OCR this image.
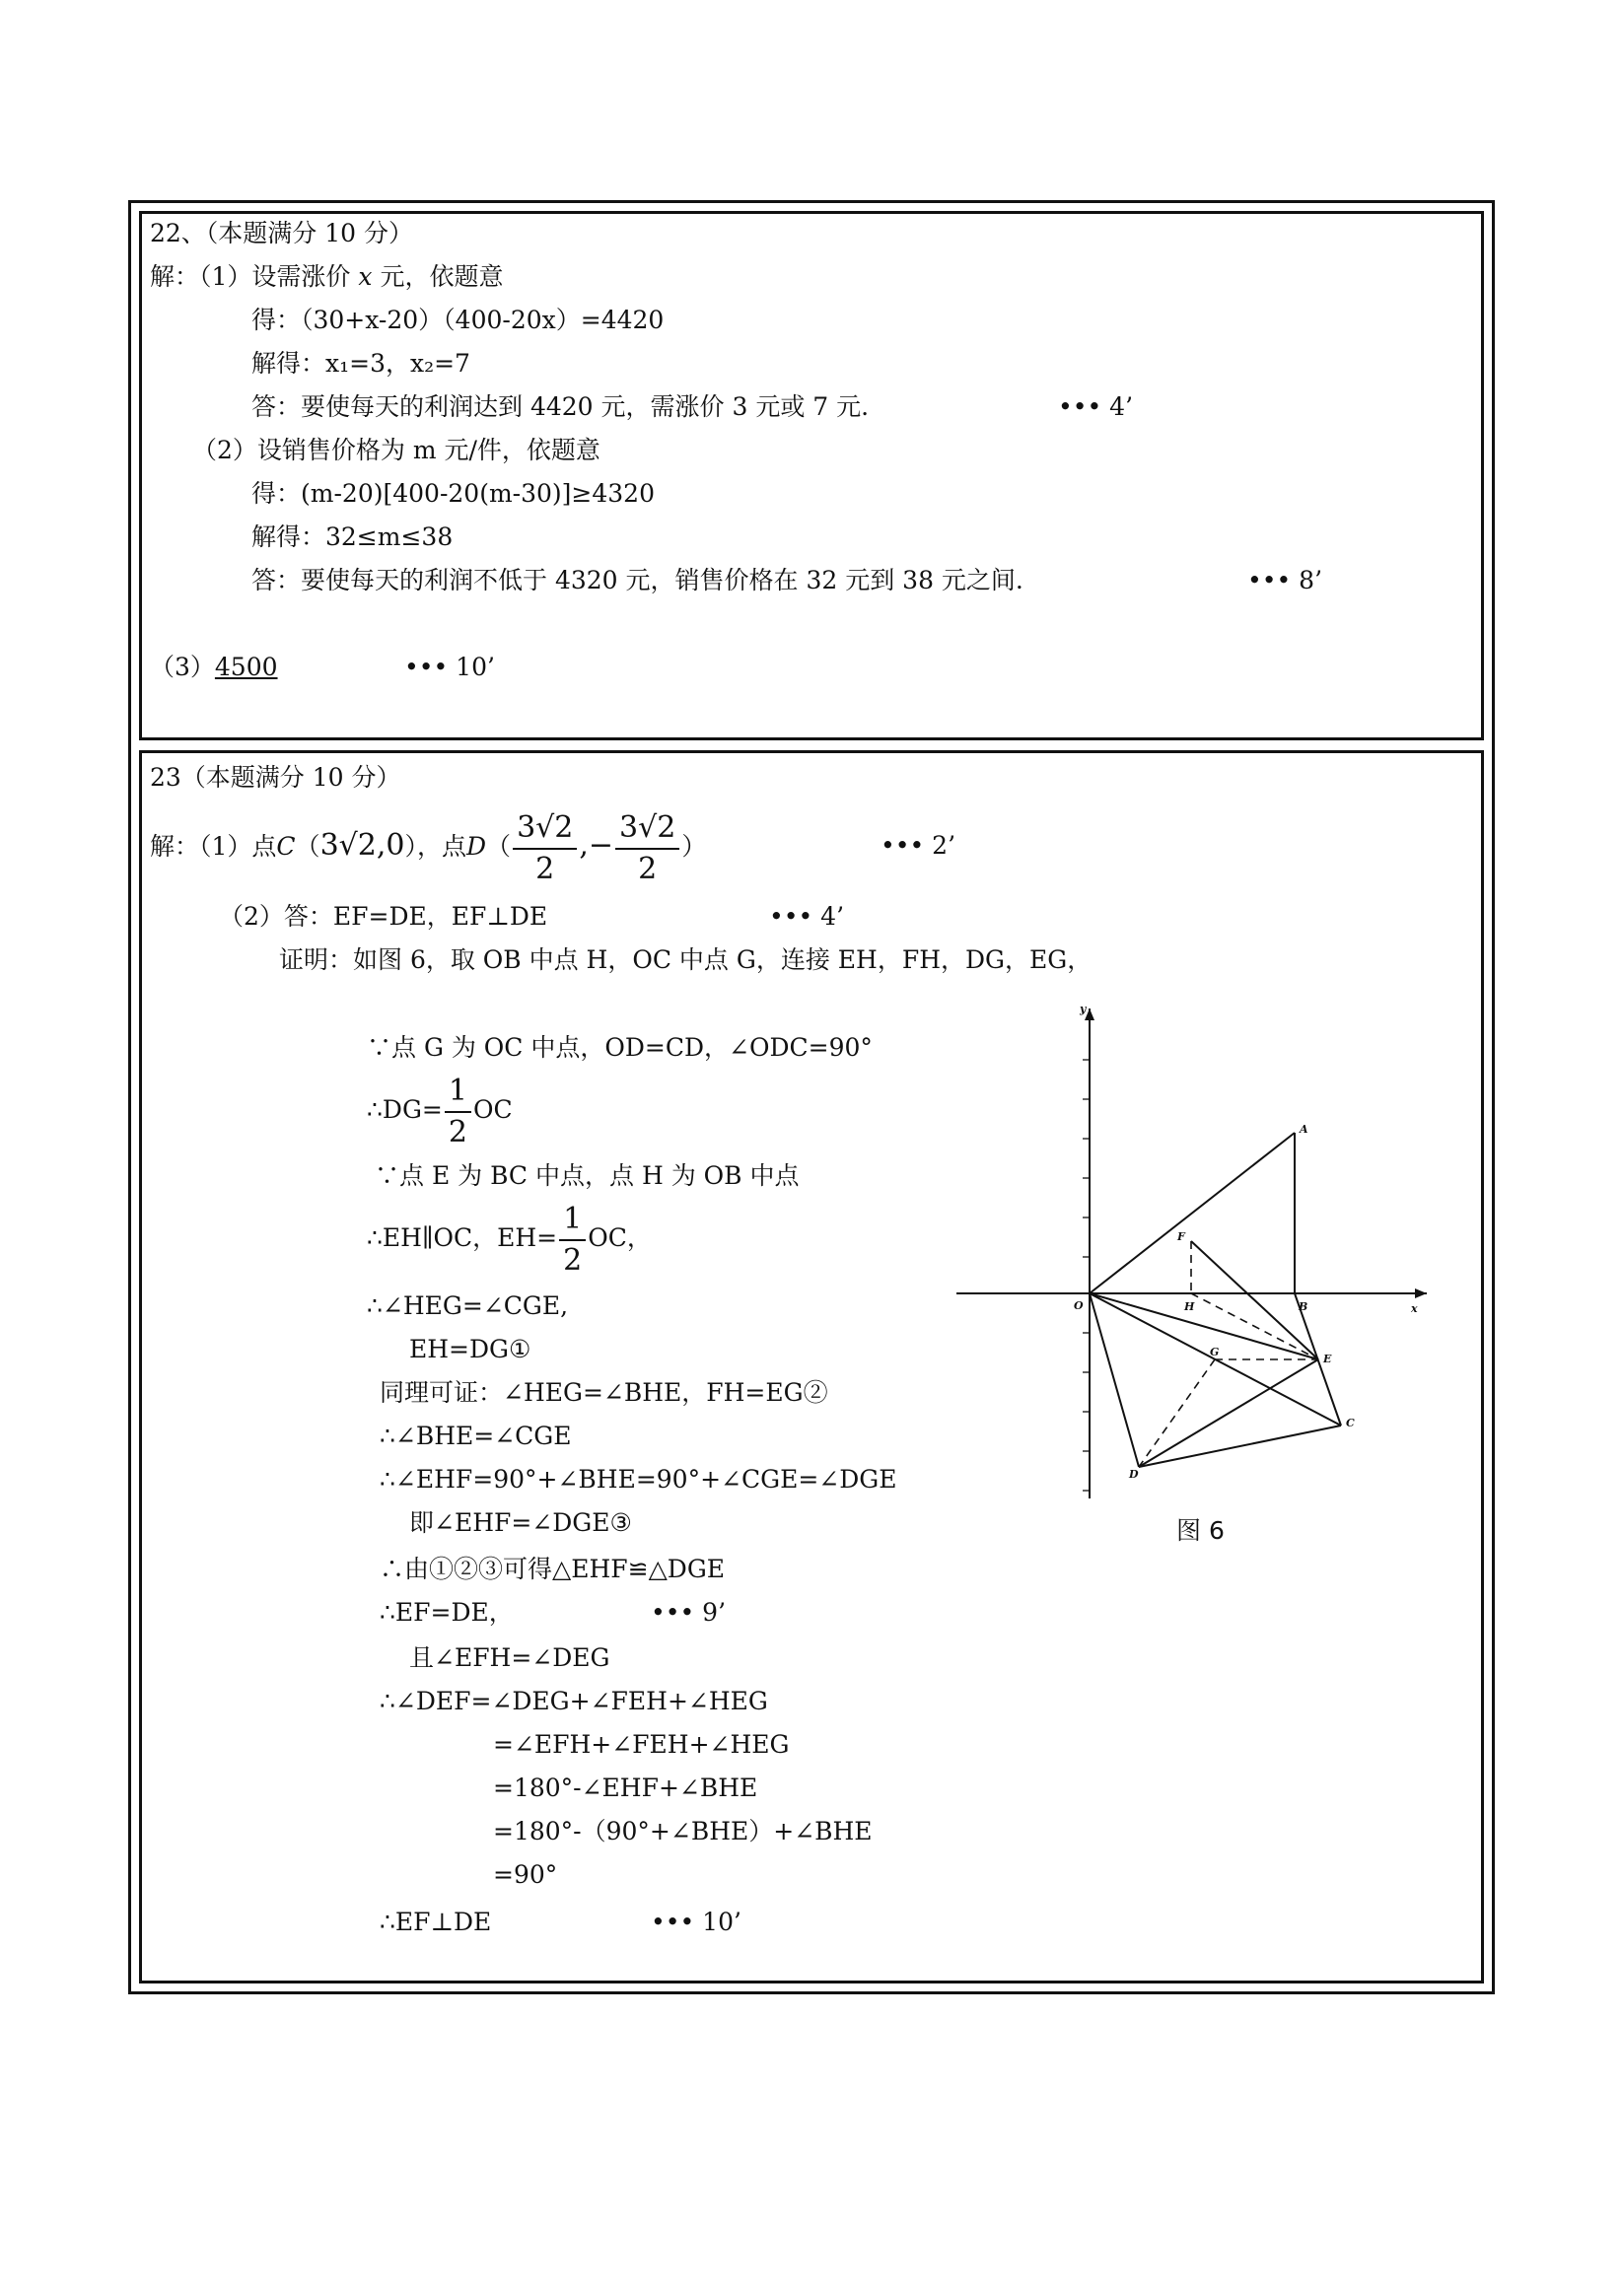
22、（本题满分 10 分）
解：（1）设需涨价 x 元，依题意
得：（30+x-20）（400-20x）=4420
解得：x₁=3，x₂=7
答：要使每天的利润达到 4420 元，需涨价 3 元或 7 元.	••• 4’
（2）设销售价格为 m 元/件，依题意
得：(m-20)[400-20(m-30)]≥4320
解得：32≤m≤38
答：要使每天的利润不低于 4320 元，销售价格在 32 元到 38 元之间.	••• 8’
（3）4500	••• 10’
23（本题满分 10 分）
解：（1）点C（3√2,0），点$D( \frac{3√2}{2}$ ,− $\frac{3√2}{2}$ ）	••• 2’
（2）答：EF=DE，EF⊥DE	••• 4’
证明：如图 6，取 OB 中点 H，OC 中点 G，连接 EH，FH，DG，EG，
∵点 G 为 OC 中点，OD=CD，∠ODC=90°
∴DG= $\frac{1}{2}$ OC
∵点 E 为 BC 中点，点 H 为 OB 中点
∴EH∥OC，$EH= \frac{1}{2}$ OC，
∴∠HEG=∠CGE,
EH=DG①
同理可证：∠HEG=∠BHE，FH=EG②
∴∠BHE=∠CGE
∴∠EHF=90°+∠BHE=90°+∠CGE=∠DGE
即∠EHF=∠DGE③
∴由①②③可得△EHF≌△DGE
∴EF=DE，	••• 9’
且∠EFH=∠DEG
∴∠DEF=∠DEG+∠FEH+∠HEG
=∠EFH+∠FEH+∠HEG
=180°-∠EHF+∠BHE
=180°-（90°+∠BHE）+∠BHE
=90°
∴EF⊥DE	••• 10’
y
x
O
A
F
H	B
G
E
C
D
图 6
